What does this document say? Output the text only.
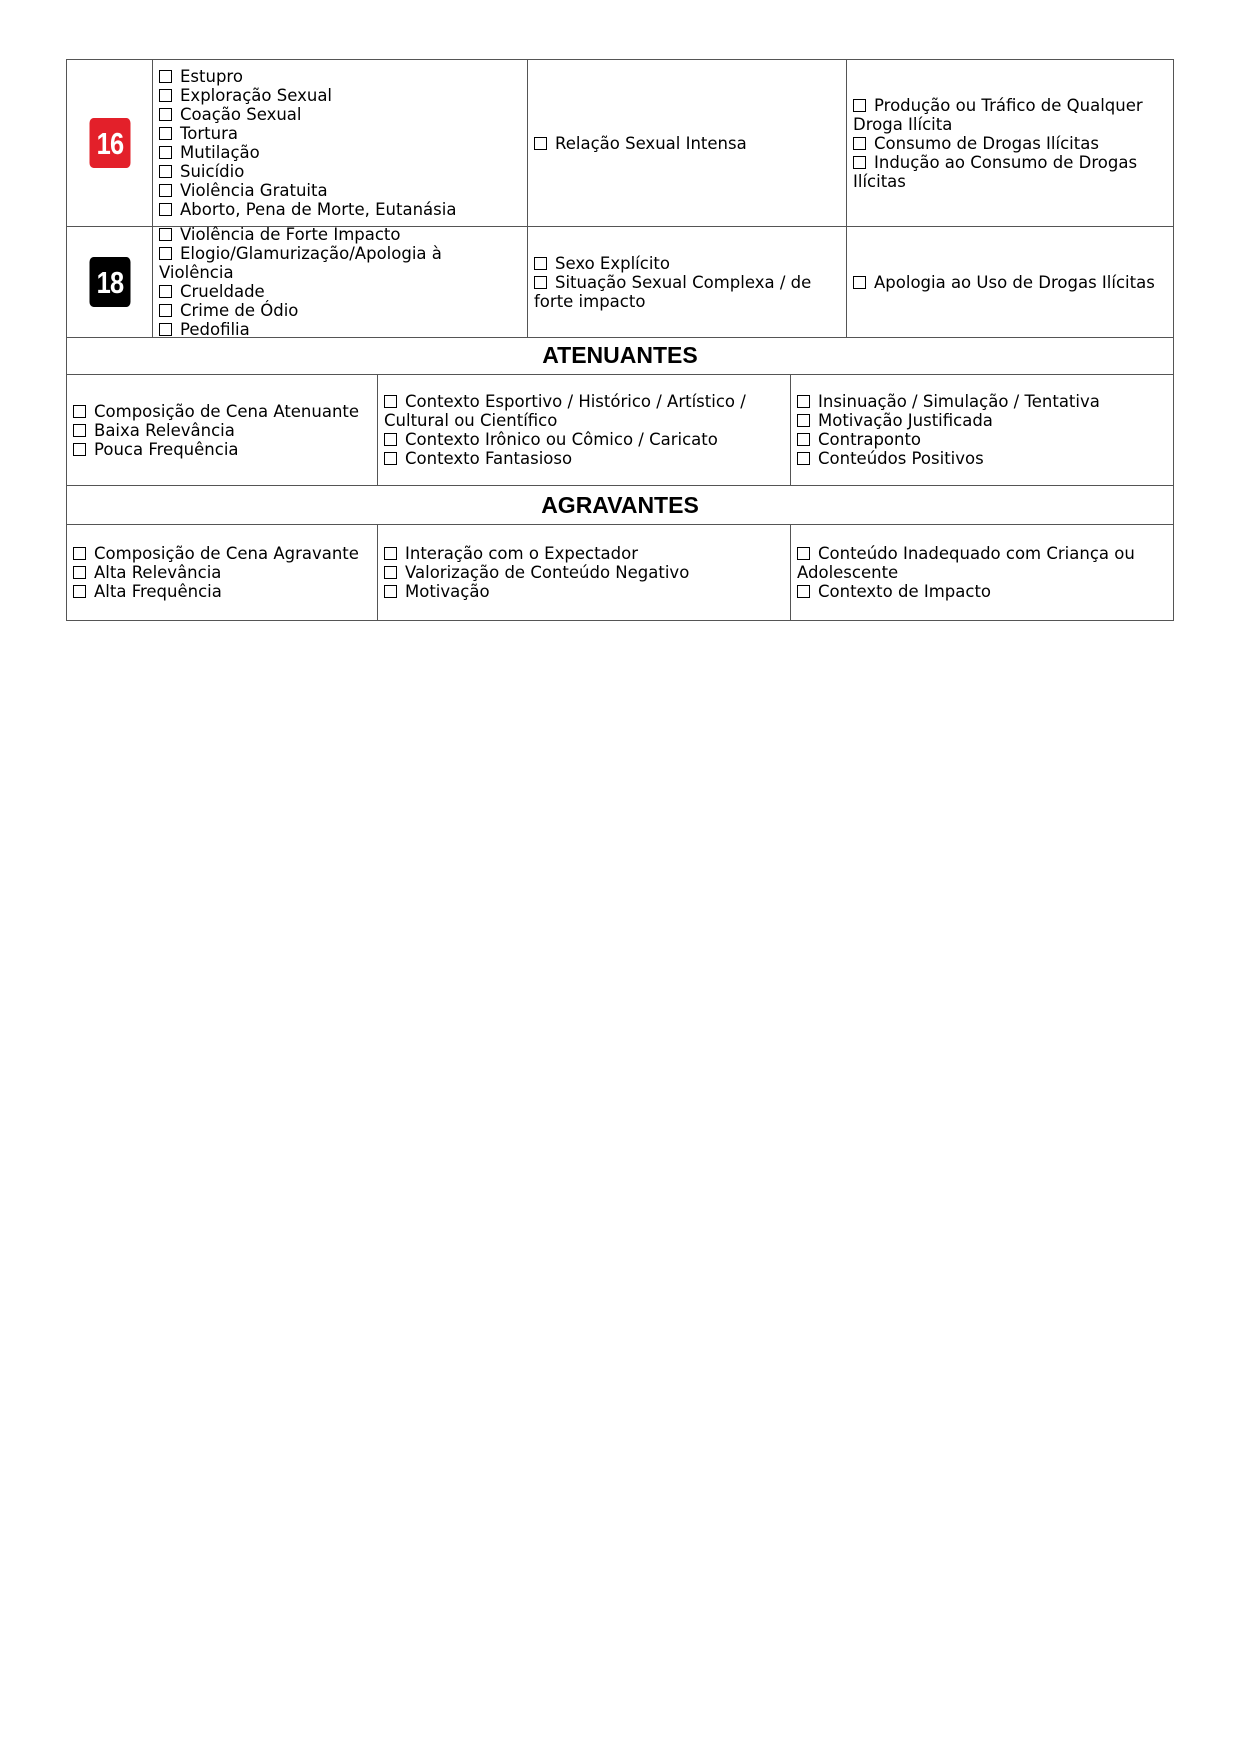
16
Estupro
Exploração Sexual
Coação Sexual
Tortura
Mutilação
Suicídio
Violência Gratuita
Aborto, Pena de Morte, Eutanásia
Relação Sexual Intensa
Produção ou Tráfico de Qualquer Droga Ilícita
Consumo de Drogas Ilícitas
Indução ao Consumo de Drogas Ilícitas
18
Violência de Forte Impacto
Elogio/Glamurização/Apologia à Violência
Crueldade
Crime de Ódio
Pedofilia
Sexo Explícito
Situação Sexual Complexa / de forte impacto
Apologia ao Uso de Drogas Ilícitas
ATENUANTES
Composição de Cena Atenuante
Baixa Relevância
Pouca Frequência
Contexto Esportivo / Histórico / Artístico / Cultural ou Científico
Contexto Irônico ou Cômico / Caricato
Contexto Fantasioso
Insinuação / Simulação / Tentativa
Motivação Justificada
Contraponto
Conteúdos Positivos
AGRAVANTES
Composição de Cena Agravante
Alta Relevância
Alta Frequência
Interação com o Expectador
Valorização de Conteúdo Negativo
Motivação
Conteúdo Inadequado com Criança ou Adolescente
Contexto de Impacto
